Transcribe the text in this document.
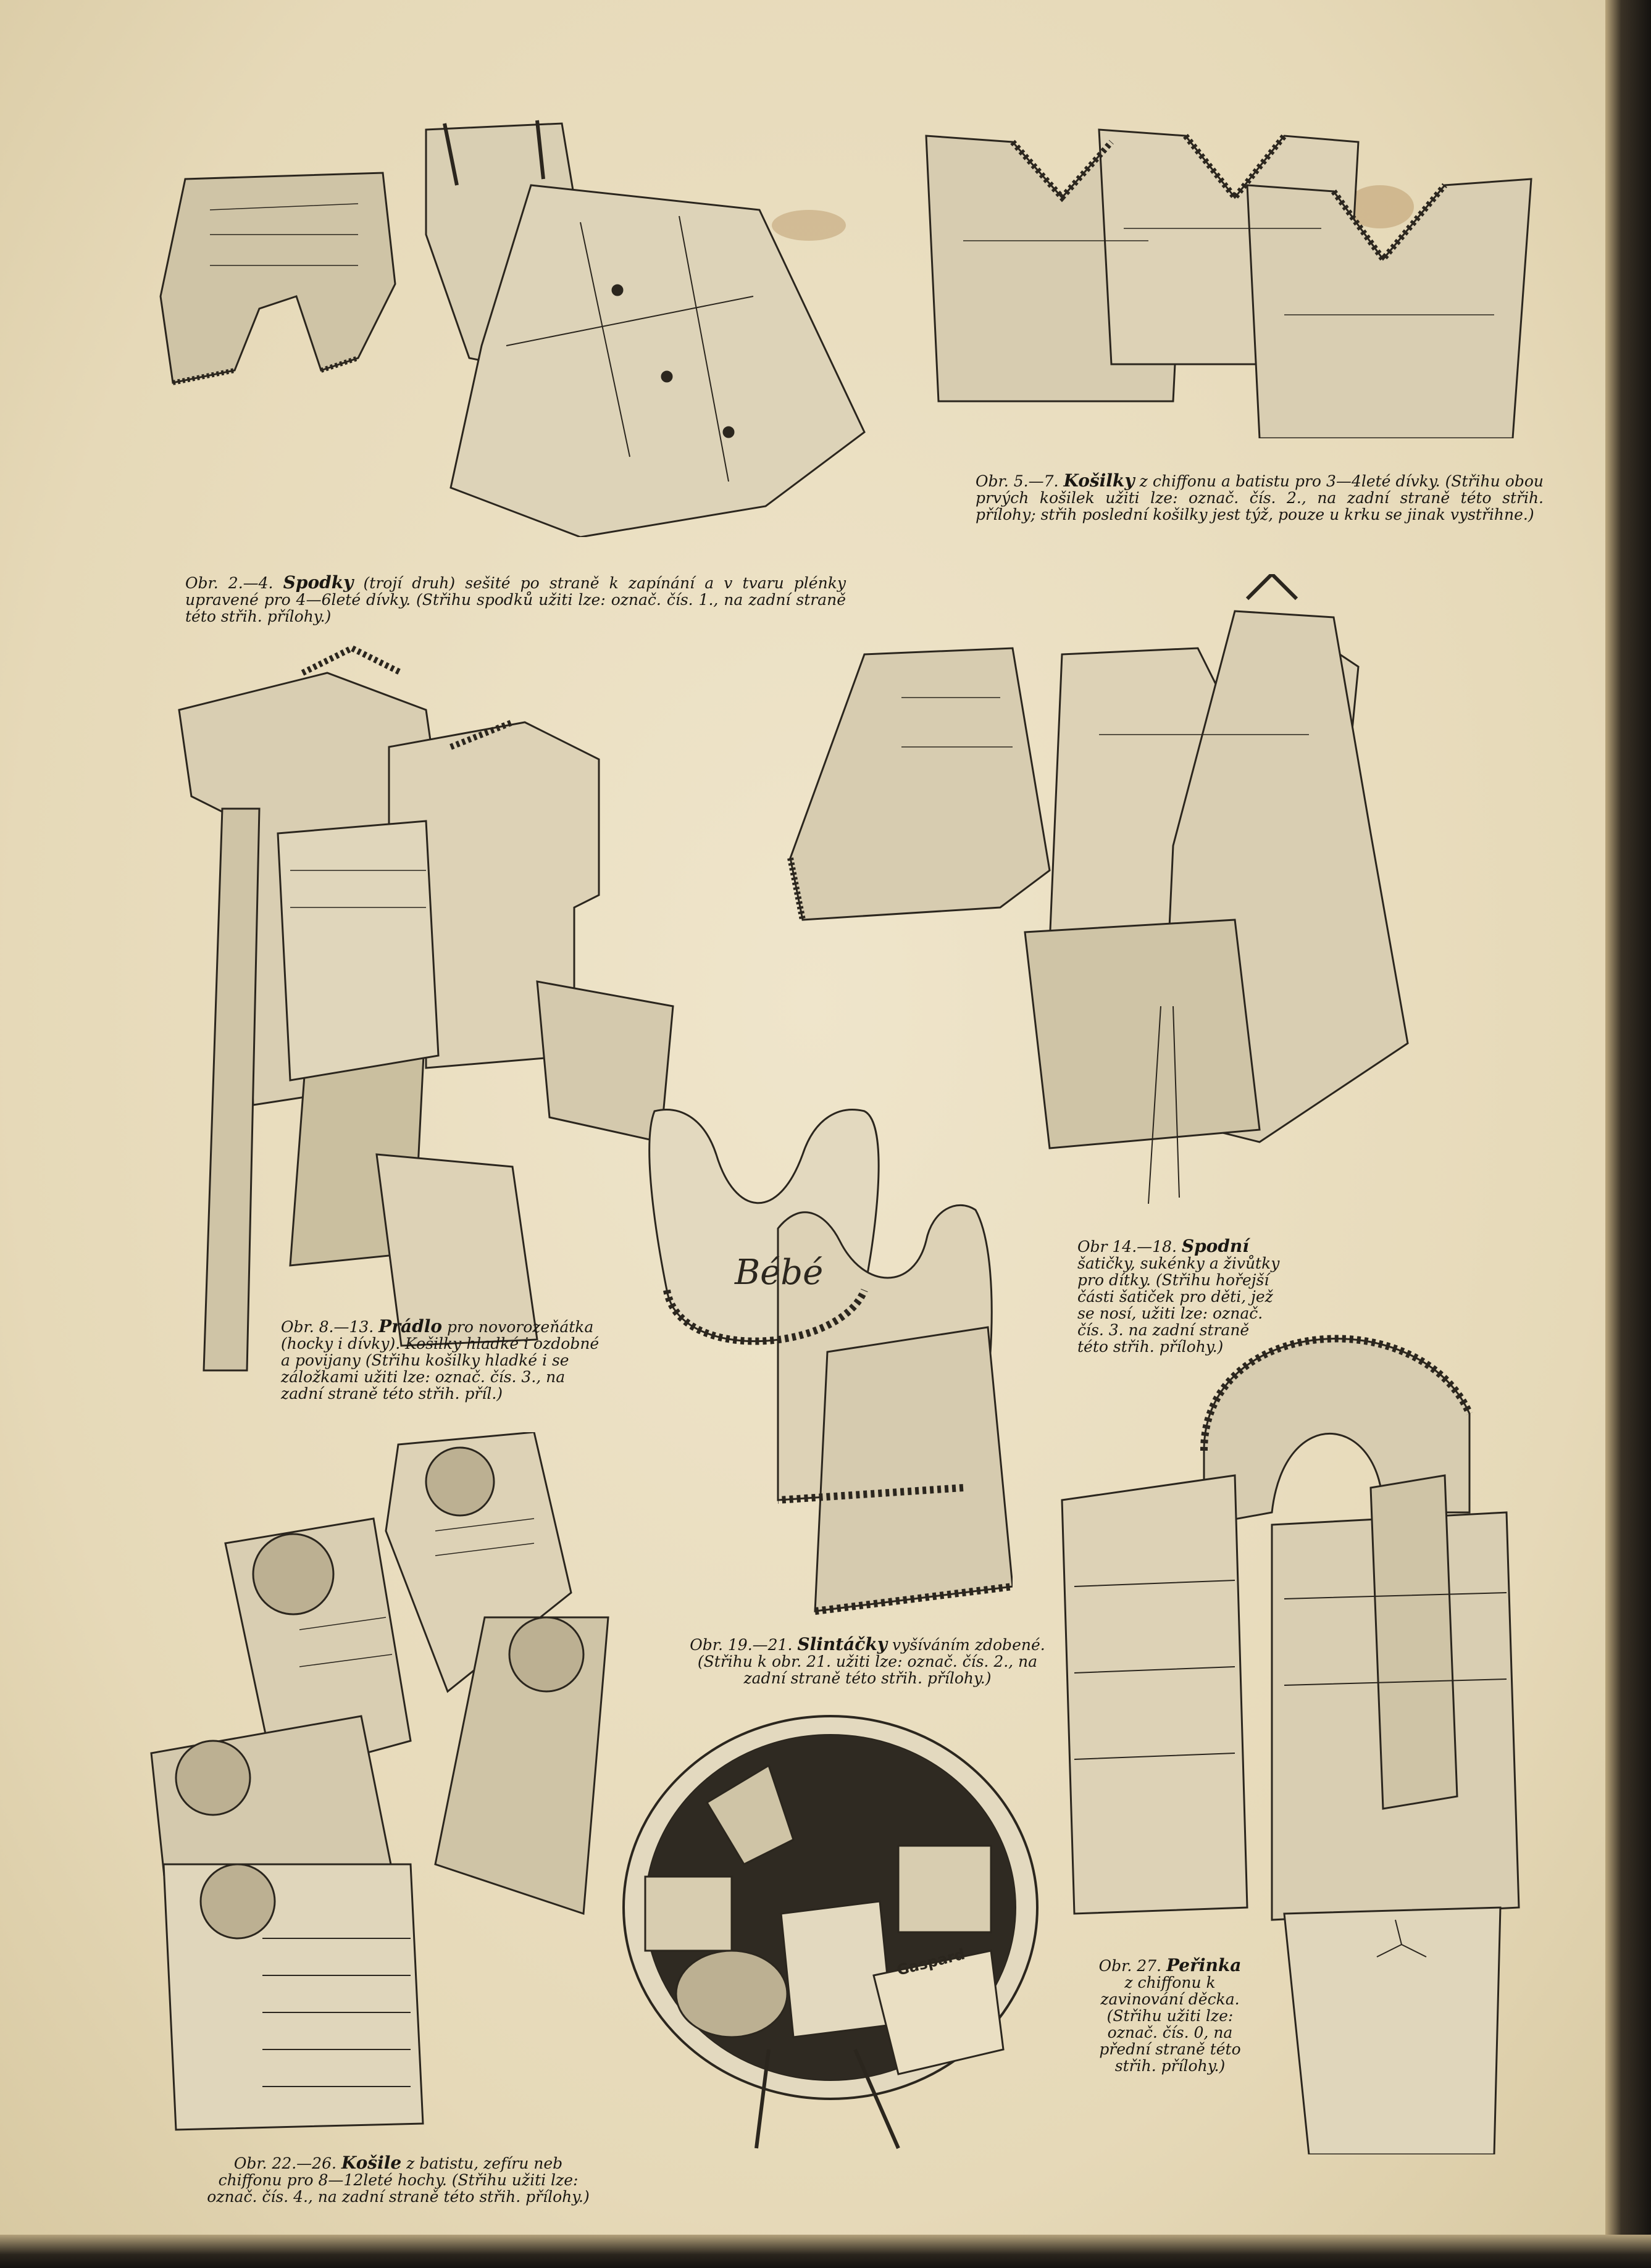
Obr. 2.—4. Spodky (trojí druh) sešité po straně k zapínání a v tvaru plénky upravené pro 4—6leté dívky. (Střihu spodků užiti lze: označ. čís. 1., na zadní straně této střih. přílohy.)

Obr. 5.—7. Košilky z chiffonu a batistu pro 3—4leté dívky. (Střihu obou prvých košilek užiti lze: označ. čís. 2., na zadní straně této střih. přílohy; střih poslední košilky jest týž, pouze u krku se jinak vystřihne.)

Obr. 8.—13. Prádlo pro novorozeňátka (hocky i dívky). Košilky hladké i ozdobné a povijany (Střihu košilky hladké i se záložkami užiti lze: označ. čís. 3., na zadní straně této střih. příl.)

Obr 14.—18. Spodní šatičky, sukénky a živůtky pro dítky. (Střihu hořejší části šatiček pro děti, jež se nosí, užiti lze: označ. čís. 3. na zadní straně této střih. přílohy.)

Bébé

Obr. 19.—21. Slintáčky vyšíváním zdobené. (Střihu k obr. 21. užiti lze: označ. čís. 2., na zadní straně této střih. přílohy.)

Obr. 22.—26. Košile z batistu, zefíru neb chiffonu pro 8—12leté hochy. (Střihu užiti lze: označ. čís. 4., na zadní straně této střih. přílohy.)

Gaspard	Obr. 27. Peřinka z chiffonu k zavinování děcka. (Střihu užiti lze: označ. čís. 0, na přední straně této střih. přílohy.)
